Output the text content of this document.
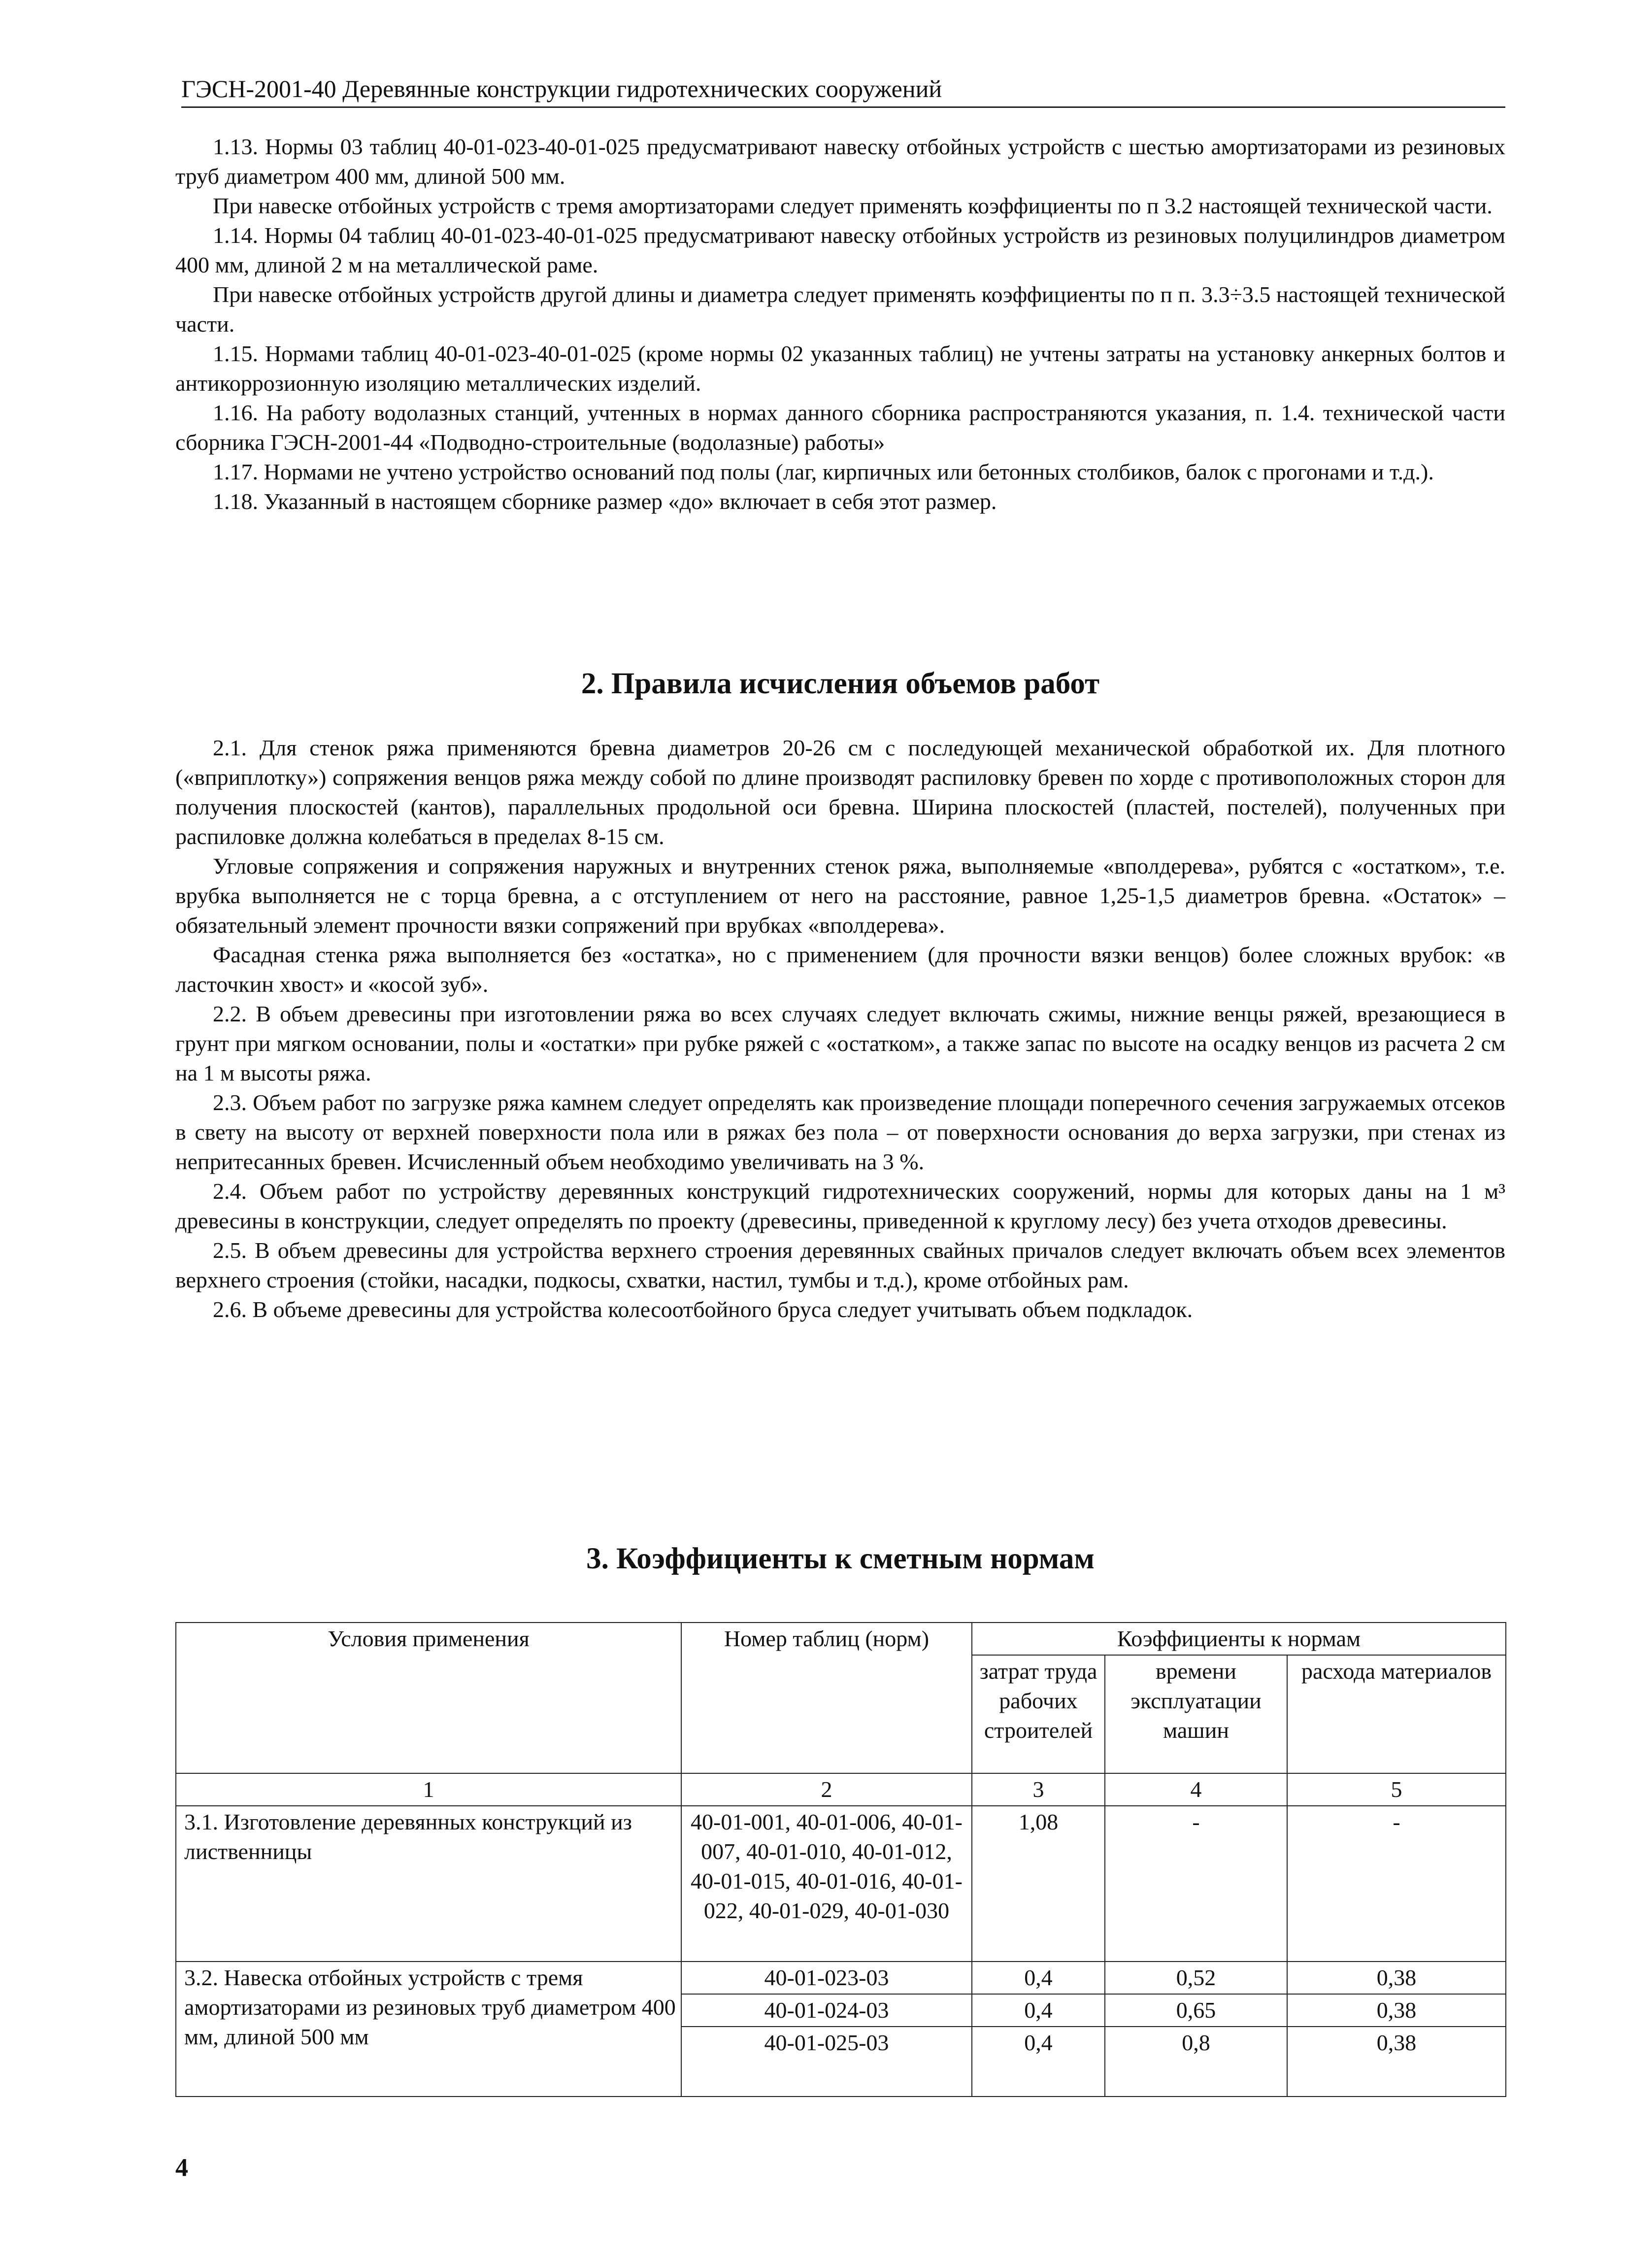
ГЭСН-2001-40 Деревянные конструкции гидротехнических сооружений

1.13. Нормы 03 таблиц 40-01-023-40-01-025 предусматривают навеску отбойных устройств с шестью амортизаторами из резиновых труб диаметром 400 мм, длиной 500 мм.

При навеске отбойных устройств с тремя амортизаторами следует применять коэффициенты по п 3.2 настоящей технической части.

1.14. Нормы 04 таблиц 40-01-023-40-01-025 предусматривают навеску отбойных устройств из резиновых полуцилиндров диаметром 400 мм, длиной 2 м на металлической раме.

При навеске отбойных устройств другой длины и диаметра следует применять коэффициенты по п п. 3.3÷3.5 настоящей технической части.

1.15. Нормами таблиц 40-01-023-40-01-025 (кроме нормы 02 указанных таблиц) не учтены затраты на установку анкерных болтов и антикоррозионную изоляцию металлических изделий.

1.16. На работу водолазных станций, учтенных в нормах данного сборника распространяются указания, п. 1.4. технической части сборника ГЭСН-2001-44 «Подводно-строительные (водолазные) работы»

1.17. Нормами не учтено устройство оснований под полы (лаг, кирпичных или бетонных столбиков, балок с прогонами и т.д.).

1.18. Указанный в настоящем сборнике размер «до» включает в себя этот размер.

2. Правила исчисления объемов работ

2.1. Для стенок ряжа применяются бревна диаметров 20-26 см с последующей механической обработкой их. Для плотного («вприплотку») сопряжения венцов ряжа между собой по длине производят распиловку бревен по хорде с противоположных сторон для получения плоскостей (кантов), параллельных продольной оси бревна. Ширина плоскостей (пластей, постелей), полученных при распиловке должна колебаться в пределах 8-15 см.

Угловые сопряжения и сопряжения наружных и внутренних стенок ряжа, выполняемые «вполдерева», рубятся с «остатком», т.е. врубка выполняется не с торца бревна, а с отступлением от него на расстояние, равное 1,25-1,5 диаметров бревна. «Остаток» – обязательный элемент прочности вязки сопряжений при врубках «вполдерева».

Фасадная стенка ряжа выполняется без «остатка», но с применением (для прочности вязки венцов) более сложных врубок: «в ласточкин хвост» и «косой зуб».

2.2. В объем древесины при изготовлении ряжа во всех случаях следует включать сжимы, нижние венцы ряжей, врезающиеся в грунт при мягком основании, полы и «остатки» при рубке ряжей с «остатком», а также запас по высоте на осадку венцов из расчета 2 см на 1 м высоты ряжа.

2.3. Объем работ по загрузке ряжа камнем следует определять как произведение площади поперечного сечения загружаемых отсеков в свету на высоту от верхней поверхности пола или в ряжах без пола – от поверхности основания до верха загрузки, при стенах из непритесанных бревен. Исчисленный объем необходимо увеличивать на 3 %.

2.4. Объем работ по устройству деревянных конструкций гидротехнических сооружений, нормы для которых даны на 1 м³ древесины в конструкции, следует определять по проекту (древесины, приведенной к круглому лесу) без учета отходов древесины.

2.5. В объем древесины для устройства верхнего строения деревянных свайных причалов следует включать объем всех элементов верхнего строения (стойки, насадки, подкосы, схватки, настил, тумбы и т.д.), кроме отбойных рам.

2.6. В объеме древесины для устройства колесоотбойного бруса следует учитывать объем подкладок.

3. Коэффициенты к сметным нормам
Условия применения	Номер таблиц (норм)	Коэффициенты к нормам		
		затрат труда рабочих строителей	времени эксплуатации машин	расхода материалов
1	2	3	4	5
3.1. Изготовление деревянных конструкций из лиственницы	40-01-001, 40-01-006, 40-01-007, 40-01-010, 40-01-012, 40-01-015, 40-01-016, 40-01-022, 40-01-029, 40-01-030	1,08	-	-
3.2. Навеска отбойных устройств с тремя амортизаторами из резиновых труб диаметром 400 мм, длиной 500 мм	40-01-023-03	0,4	0,52	0,38
	40-01-024-03	0,4	0,65	0,38
	40-01-025-03	0,4	0,8	0,38
4
